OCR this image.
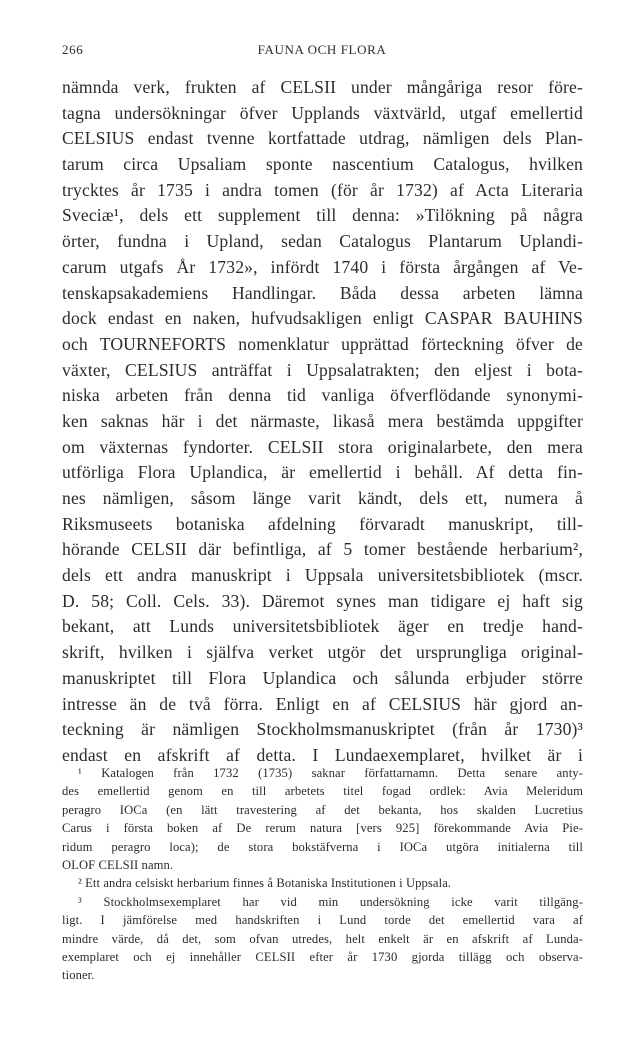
266	FAUNA OCH FLORA
nämnda verk, frukten af CELSII under mångåriga resor före-
tagna undersökningar öfver Upplands växtvärld, utgaf emellertid
CELSIUS endast tvenne kortfattade utdrag, nämligen dels Plan-
tarum circa Upsaliam sponte nascentium Catalogus, hvilken
trycktes år 1735 i andra tomen (för år 1732) af Acta Literaria
Sveciæ¹, dels ett supplement till denna: »Tilökning på några
örter, fundna i Upland, sedan Catalogus Plantarum Uplandi-
carum utgafs År 1732», infördt 1740 i första årgången af Ve-
tenskapsakademiens Handlingar. Båda dessa arbeten lämna
dock endast en naken, hufvudsakligen enligt CASPAR BAUHINS
och TOURNEFORTS nomenklatur upprättad förteckning öfver de
växter, CELSIUS anträffat i Uppsalatrakten; den eljest i bota-
niska arbeten från denna tid vanliga öfverflödande synonymi-
ken saknas här i det närmaste, likaså mera bestämda uppgifter
om växternas fyndorter. CELSII stora originalarbete, den mera
utförliga Flora Uplandica, är emellertid i behåll. Af detta fin-
nes nämligen, såsom länge varit kändt, dels ett, numera å
Riksmuseets botaniska afdelning förvaradt manuskript, till-
hörande CELSII där befintliga, af 5 tomer bestående herbarium²,
dels ett andra manuskript i Uppsala universitetsbibliotek (mscr.
D. 58; Coll. Cels. 33). Däremot synes man tidigare ej haft sig
bekant, att Lunds universitetsbibliotek äger en tredje hand-
skrift, hvilken i själfva verket utgör det ursprungliga original-
manuskriptet till Flora Uplandica och sålunda erbjuder större
intresse än de två förra. Enligt en af CELSIUS här gjord an-
teckning är nämligen Stockholmsmanuskriptet (från år 1730)³
endast en afskrift af detta. I Lundaexemplaret, hvilket är i
¹ Katalogen från 1732 (1735) saknar författarnamn. Detta senare anty-
des emellertid genom en till arbetets titel fogad ordlek: Avia Meleridum
peragro IOCa (en lätt travestering af det bekanta, hos skalden Lucretius
Carus i första boken af De rerum natura [vers 925] förekommande Avia Pie-
ridum peragro loca); de stora bokstäfverna i IOCa utgöra initialerna till
OLOF CELSII namn.
² Ett andra celsiskt herbarium finnes å Botaniska Institutionen i Uppsala.
³ Stockholmsexemplaret har vid min undersökning icke varit tillgäng-
ligt. I jämförelse med handskriften i Lund torde det emellertid vara af
mindre värde, då det, som ofvan utredes, helt enkelt är en afskrift af Lunda-
exemplaret och ej innehåller CELSII efter år 1730 gjorda tillägg och observa-
tioner.
